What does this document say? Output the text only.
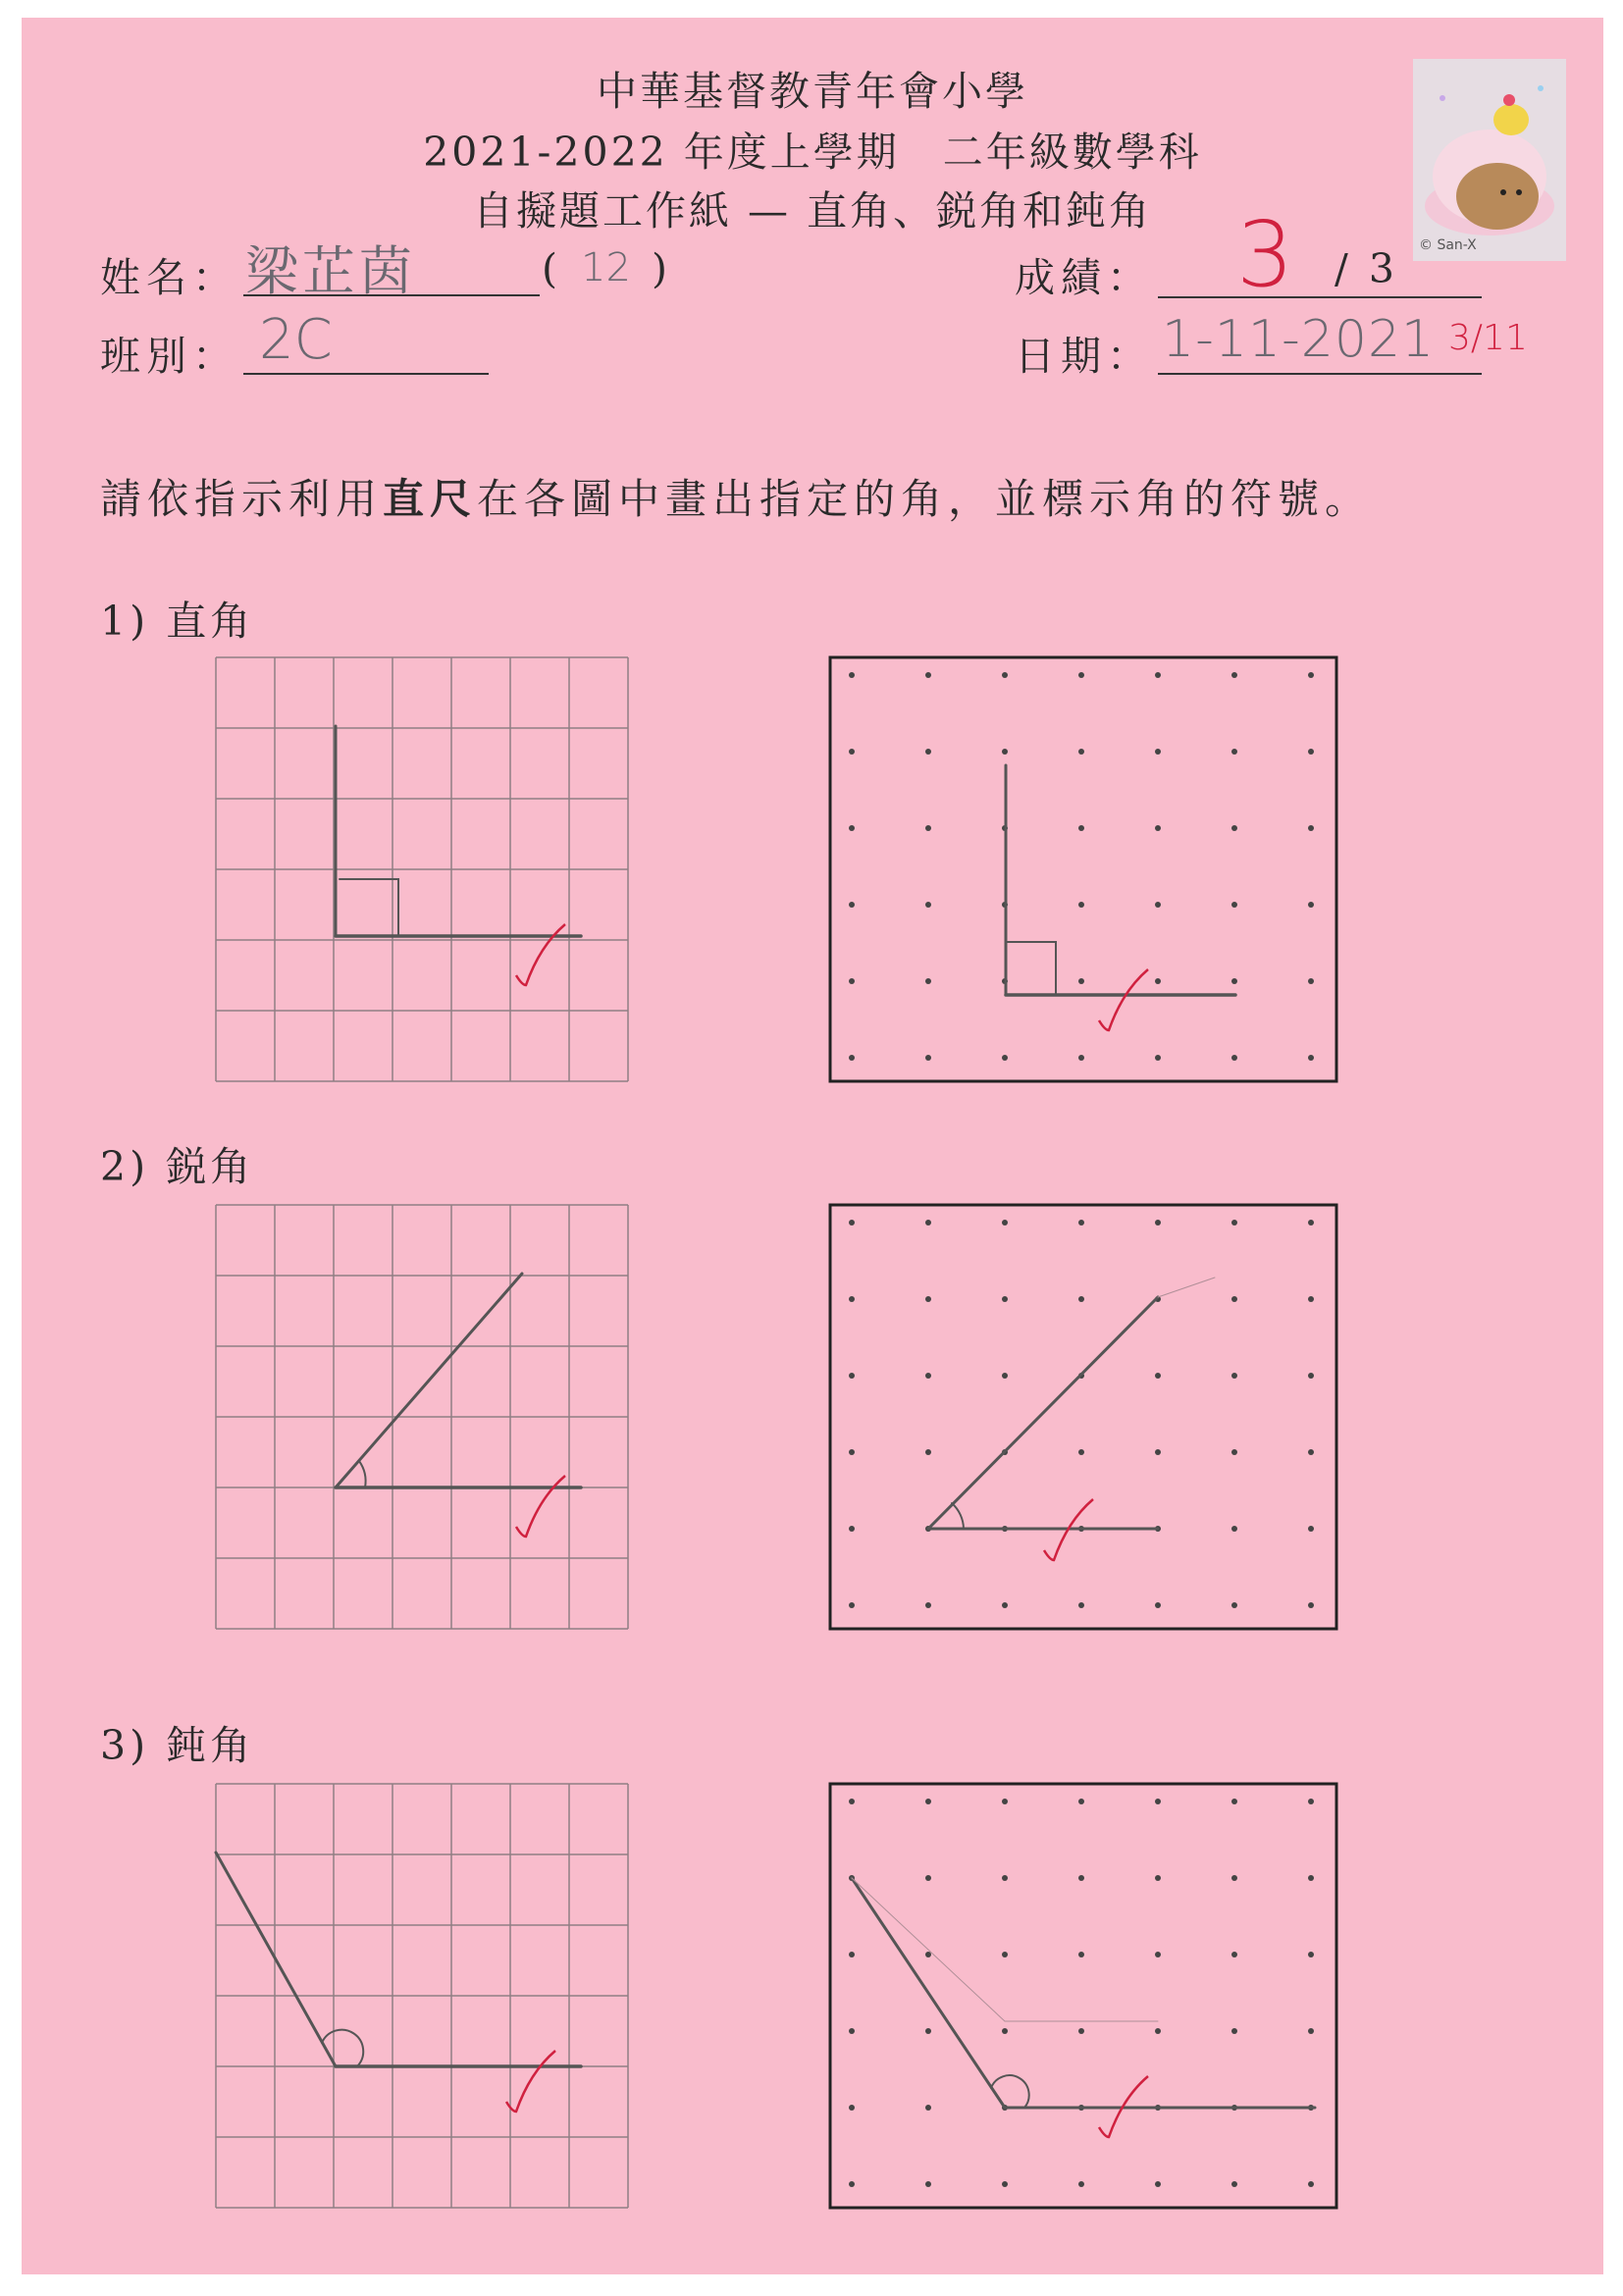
中華基督教青年會小學
2021-2022 年度上學期　二年級數學科
自擬題工作紙 — 直角、鋭角和鈍角
© San-X
姓名： 梁芷茵	( 12 )	成績： 3 / 3
班別： 2C	日期： 1-11-2021 3/11
請依指示利用直尺在各圖中畫出指定的角，並標示角的符號。
1) 直角
2) 鋭角
3) 鈍角
